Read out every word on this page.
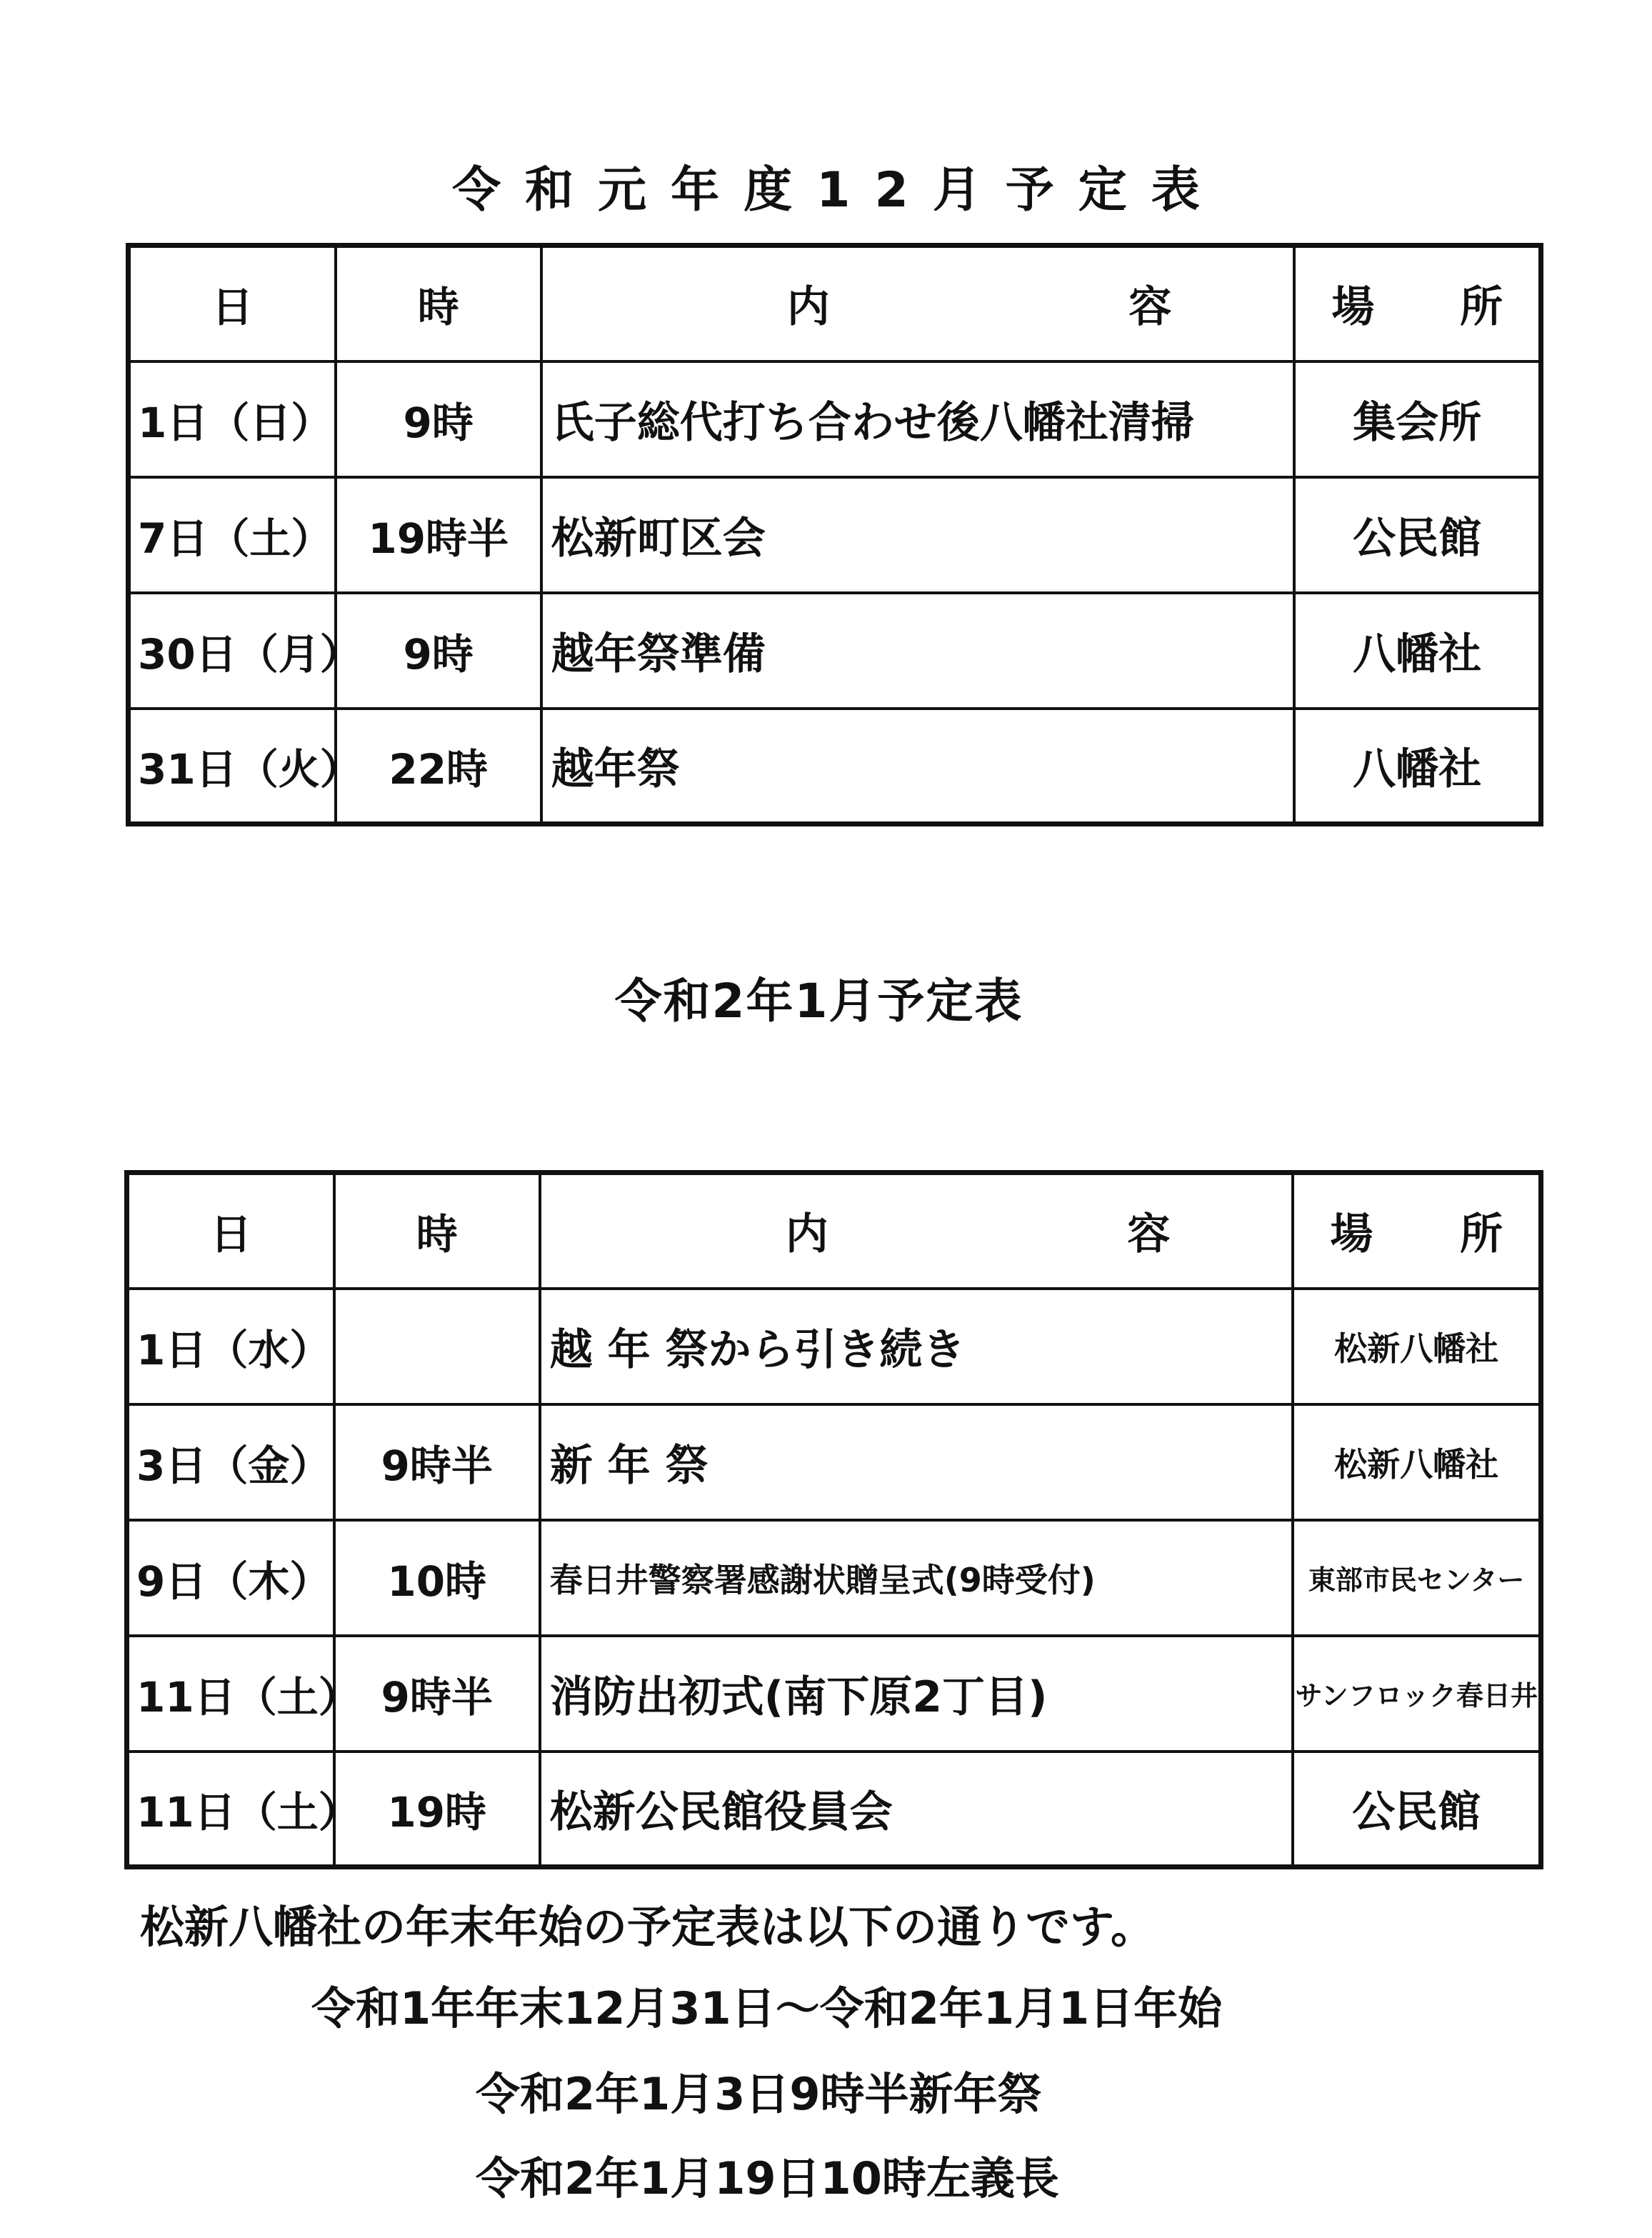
令和元年度12月予定表
日	時	内 容	場 所

1日（日）	9時	氏子総代打ち合わせ後八幡社清掃	集会所
7日（土）	19時半	松新町区会	公民館
30日（月）	9時	越年祭準備	八幡社
31日（火）	22時	越年祭	八幡社
令和2年1月予定表
日	時	内 容	場 所

1日（水）		越 年 祭から引き続き	松新八幡社
3日（金）	9時半	新 年 祭	松新八幡社
9日（木）	10時	春日井警察署感謝状贈呈式(9時受付)	東部市民センター
11日（土）	9時半	消防出初式(南下原2丁目)	サンフロック春日井
11日（土）	19時	松新公民館役員会	公民館
松新八幡社の年末年始の予定表は以下の通りです。
令和1年年末12月31日～令和2年1月1日年始
令和2年1月3日9時半新年祭
令和2年1月19日10時左義長
